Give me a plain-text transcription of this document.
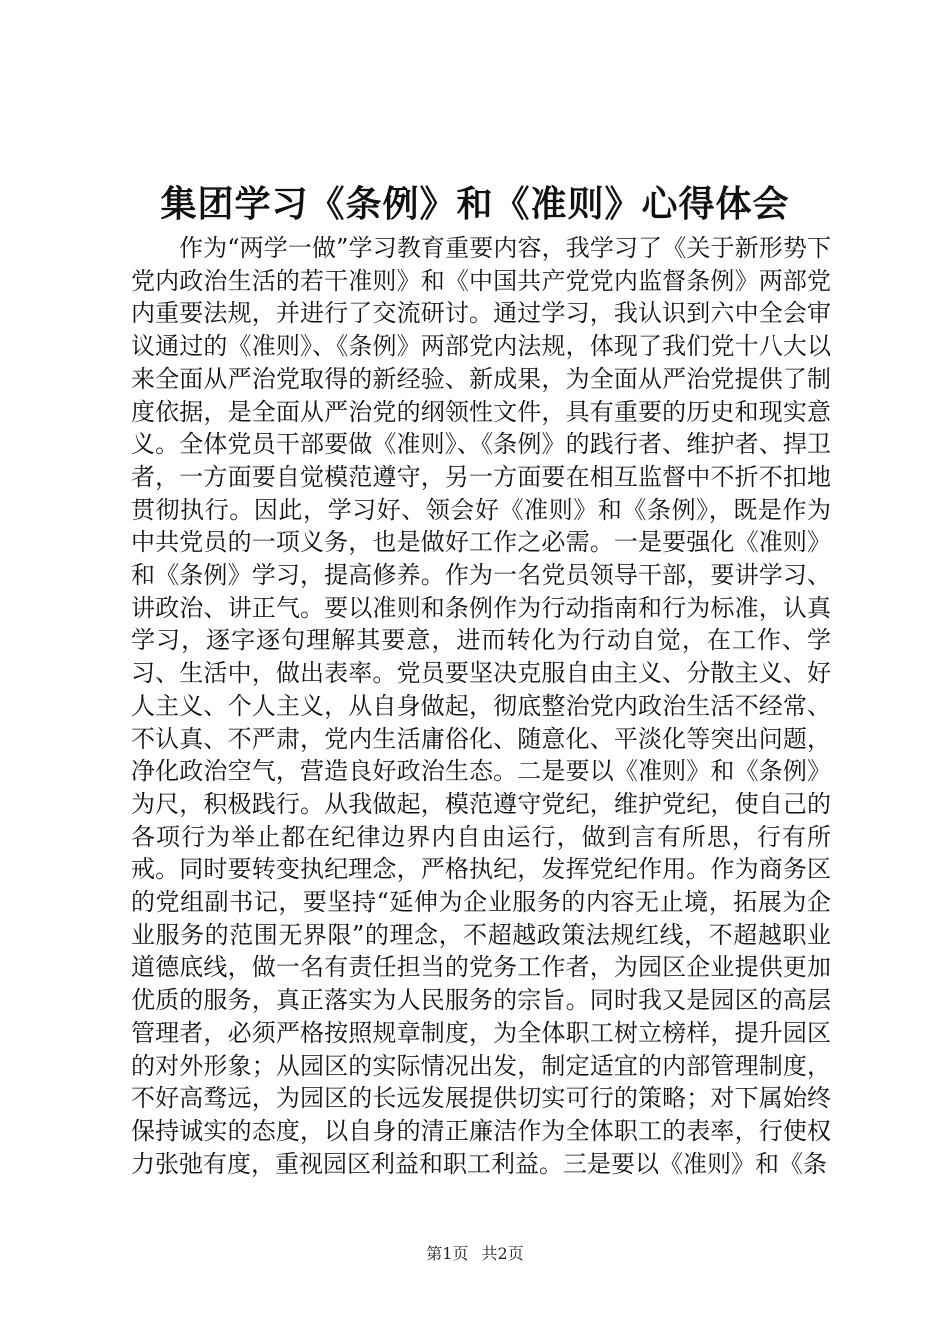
集团学习《条例》和《准则》心得体会

作为“两学一做”学习教育重要内容，我学习了《关于新形势下党内政治生活的若干准则》和《中国共产党党内监督条例》两部党内重要法规，并进行了交流研讨。通过学习，我认识到六中全会审议通过的《准则》、《条例》两部党内法规，体现了我们党十八大以来全面从严治党取得的新经验、新成果，为全面从严治党提供了制度依据，是全面从严治党的纲领性文件，具有重要的历史和现实意义。全体党员干部要做《准则》、《条例》的践行者、维护者、捍卫者，一方面要自觉模范遵守，另一方面要在相互监督中不折不扣地贯彻执行。因此，学习好、领会好《准则》和《条例》，既是作为中共党员的一项义务，也是做好工作之必需。一是要强化《准则》和《条例》学习，提高修养。作为一名党员领导干部，要讲学习、讲政治、讲正气。要以准则和条例作为行动指南和行为标准，认真学习，逐字逐句理解其要意，进而转化为行动自觉，在工作、学习、生活中，做出表率。党员要坚决克服自由主义、分散主义、好人主义、个人主义，从自身做起，彻底整治党内政治生活不经常、不认真、不严肃，党内生活庸俗化、随意化、平淡化等突出问题，净化政治空气，营造良好政治生态。二是要以《准则》和《条例》为尺，积极践行。从我做起，模范遵守党纪，维护党纪，使自己的各项行为举止都在纪律边界内自由运行，做到言有所思，行有所戒。同时要转变执纪理念，严格执纪，发挥党纪作用。作为商务区的党组副书记，要坚持“延伸为企业服务的内容无止境，拓展为企业服务的范围无界限”的理念，不超越政策法规红线，不超越职业道德底线，做一名有责任担当的党务工作者，为园区企业提供更加优质的服务，真正落实为人民服务的宗旨。同时我又是园区的高层管理者，必须严格按照规章制度，为全体职工树立榜样，提升园区的对外形象；从园区的实际情况出发，制定适宜的内部管理制度，不好高骛远，为园区的长远发展提供切实可行的策略；对下属始终保持诚实的态度，以自身的清正廉洁作为全体职工的表率，行使权力张弛有度，重视园区利益和职工利益。三是要以《准则》和《条

第1页 共2页
